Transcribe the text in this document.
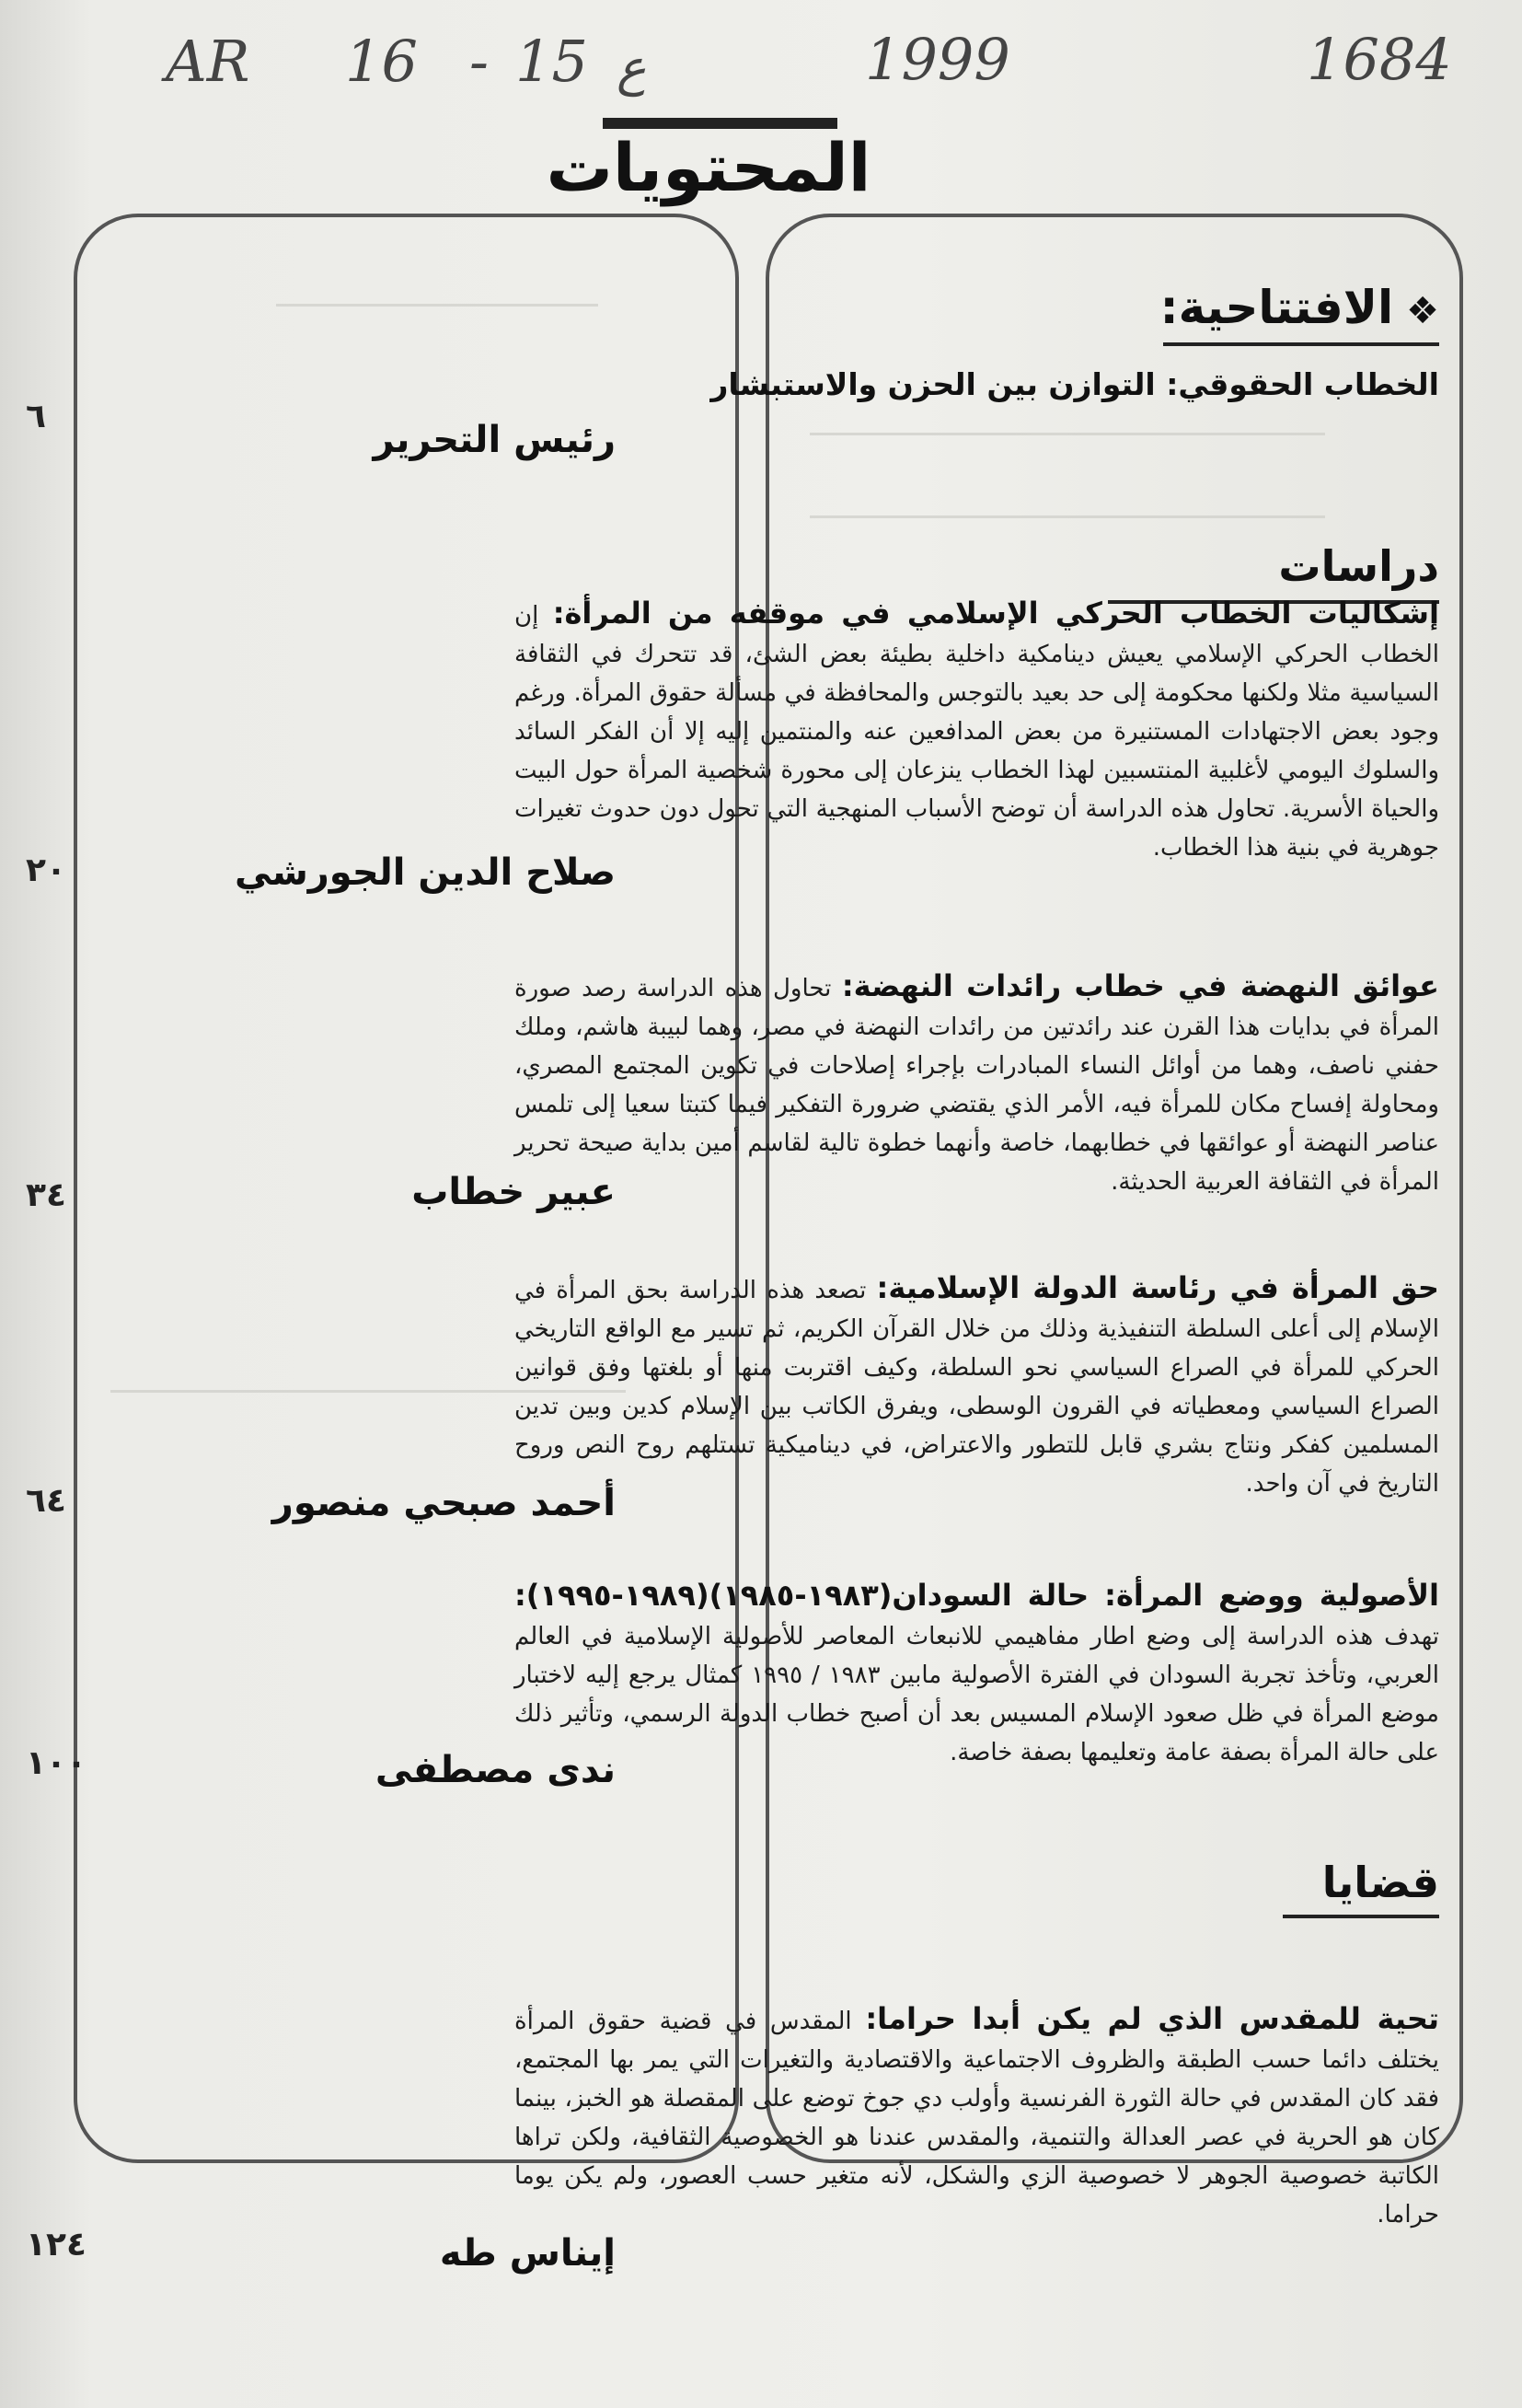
AR 16 - 15 ع	1999	1684
المحتويات
❖الافتتاحية:
الخطاب الحقوقي: التوازن بين الحزن والاستبشار
رئيس التحرير
٦
دراسات
إشكاليات الخطاب الحركي الإسلامي في موقفه من المرأة: إن الخطاب الحركي الإسلامي يعيش دينامكية داخلية بطيئة بعض الشئ، قد تتحرك في الثقافة السياسية مثلا ولكنها محكومة إلى حد بعيد بالتوجس والمحافظة في مسألة حقوق المرأة. ورغم وجود بعض الاجتهادات المستنيرة من بعض المدافعين عنه والمنتمين إليه إلا أن الفكر السائد والسلوك اليومي لأغلبية المنتسبين لهذا الخطاب ينزعان إلى محورة شخصية المرأة حول البيت والحياة الأسرية. تحاول هذه الدراسة أن توضح الأسباب المنهجية التي تحول دون حدوث تغيرات جوهرية في بنية هذا الخطاب.
صلاح الدين الجورشي
٢٠
عوائق النهضة في خطاب رائدات النهضة: تحاول هذه الدراسة رصد صورة المرأة في بدايات هذا القرن عند رائدتين من رائدات النهضة في مصر، وهما لبيبة هاشم، وملك حفني ناصف، وهما من أوائل النساء المبادرات بإجراء إصلاحات في تكوين المجتمع المصري، ومحاولة إفساح مكان للمرأة فيه، الأمر الذي يقتضي ضرورة التفكير فيما كتبتا سعيا إلى تلمس عناصر النهضة أو عوائقها في خطابهما، خاصة وأنهما خطوة تالية لقاسم أمين بداية صيحة تحرير المرأة في الثقافة العربية الحديثة.
عبير خطاب
٣٤
حق المرأة في رئاسة الدولة الإسلامية: تصعد هذه الدراسة بحق المرأة في الإسلام إلى أعلى السلطة التنفيذية وذلك من خلال القرآن الكريم، ثم تسير مع الواقع التاريخي الحركي للمرأة في الصراع السياسي نحو السلطة، وكيف اقتربت منها أو بلغتها وفق قوانين الصراع السياسي ومعطياته في القرون الوسطى، ويفرق الكاتب بين الإسلام كدين وبين تدين المسلمين كفكر ونتاج بشري قابل للتطور والاعتراض، في ديناميكية تستلهم روح النص وروح التاريخ في آن واحد.
أحمد صبحي منصور
٦٤
الأصولية ووضع المرأة: حالة السودان(١٩٨٣-١٩٨٥)(١٩٨٩-١٩٩٥): تهدف هذه الدراسة إلى وضع اطار مفاهيمي للانبعاث المعاصر للأصولية الإسلامية في العالم العربي، وتأخذ تجربة السودان في الفترة الأصولية مابين ١٩٨٣ / ١٩٩٥ كمثال يرجع إليه لاختبار موضع المرأة في ظل صعود الإسلام المسيس بعد أن أصبح خطاب الدولة الرسمي، وتأثير ذلك على حالة المرأة بصفة عامة وتعليمها بصفة خاصة.
ندى مصطفى
١٠٠
قضايا
تحية للمقدس الذي لم يكن أبدا حراما: المقدس في قضية حقوق المرأة يختلف دائما حسب الطبقة والظروف الاجتماعية والاقتصادية والتغيرات التي يمر بها المجتمع، فقد كان المقدس في حالة الثورة الفرنسية وأولب دي جوخ توضع على المقصلة هو الخبز، بينما كان هو الحرية في عصر العدالة والتنمية، والمقدس عندنا هو الخصوصية الثقافية، ولكن تراها الكاتبة خصوصية الجوهر لا خصوصية الزي والشكل، لأنه متغير حسب العصور، ولم يكن يوما حراما.
إيناس طه
١٢٤
